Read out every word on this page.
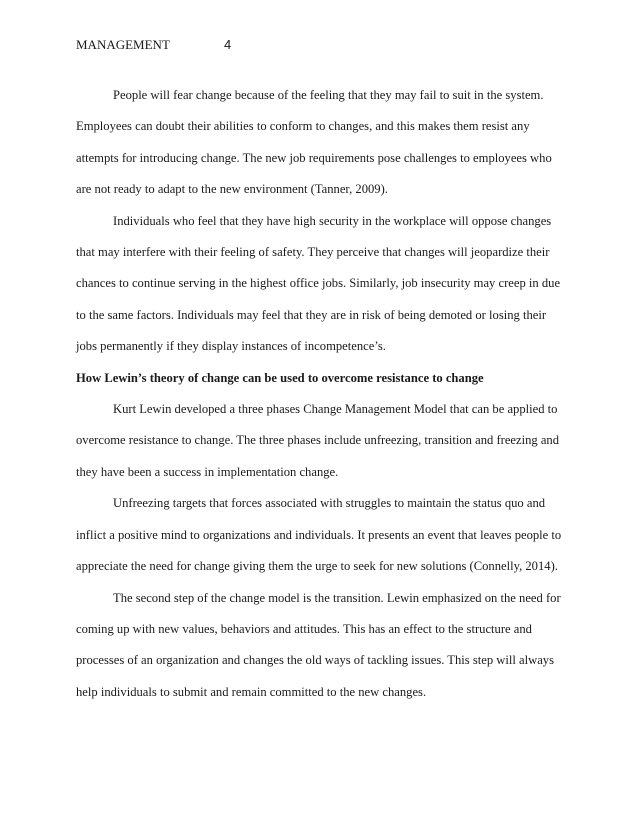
MANAGEMENT	4

People will fear change because of the feeling that they may fail to suit in the system. Employees can doubt their abilities to conform to changes, and this makes them resist any attempts for introducing change. The new job requirements pose challenges to employees who are not ready to adapt to the new environment (Tanner, 2009).

Individuals who feel that they have high security in the workplace will oppose changes that may interfere with their feeling of safety. They perceive that changes will jeopardize their chances to continue serving in the highest office jobs. Similarly, job insecurity may creep in due to the same factors. Individuals may feel that they are in risk of being demoted or losing their jobs permanently if they display instances of incompetence’s.

How Lewin’s theory of change can be used to overcome resistance to change

Kurt Lewin developed a three phases Change Management Model that can be applied to overcome resistance to change. The three phases include unfreezing, transition and freezing and they have been a success in implementation change.

Unfreezing targets that forces associated with struggles to maintain the status quo and inflict a positive mind to organizations and individuals. It presents an event that leaves people to appreciate the need for change giving them the urge to seek for new solutions (Connelly, 2014).

The second step of the change model is the transition. Lewin emphasized on the need for coming up with new values, behaviors and attitudes. This has an effect to the structure and processes of an organization and changes the old ways of tackling issues. This step will always help individuals to submit and remain committed to the new changes.
